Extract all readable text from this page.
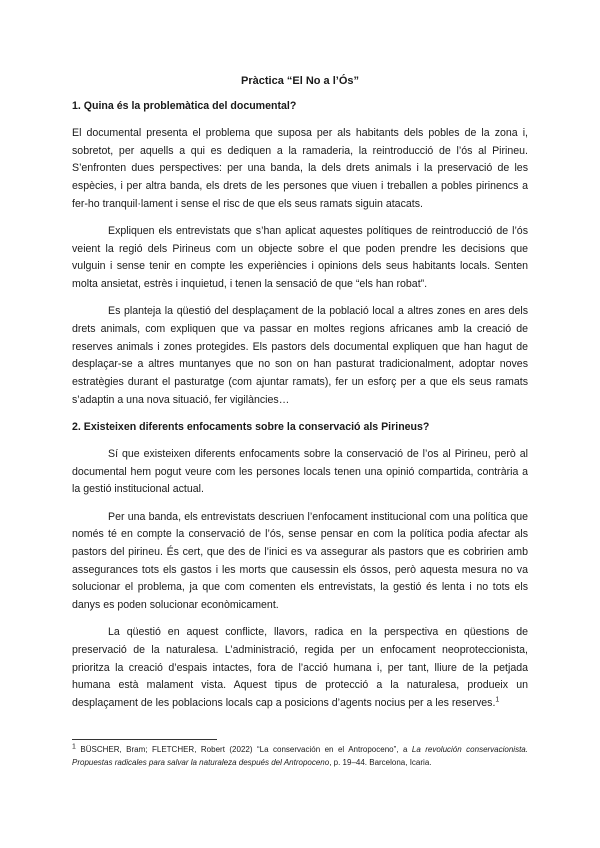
Pràctica “El No a l’Ós”
1. Quina és la problemàtica del documental?

El documental presenta el problema que suposa per als habitants dels pobles de la zona i, sobretot, per aquells a qui es dediquen a la ramaderia, la reintroducció de l’ós al Pirineu. S’enfronten dues perspectives: per una banda, la dels drets animals i la preservació de les espècies, i per altra banda, els drets de les persones que viuen i treballen a pobles pirinencs a fer-ho tranquil·lament i sense el risc de que els seus ramats siguin atacats.

Expliquen els entrevistats que s’han aplicat aquestes polítiques de reintroducció de l’ós veient la regió dels Pirineus com un objecte sobre el que poden prendre les decisions que vulguin i sense tenir en compte les experiències i opinions dels seus habitants locals. Senten molta ansietat, estrès i inquietud, i tenen la sensació de que “els han robat”.

Es planteja la qüestió del desplaçament de la població local a altres zones en ares dels drets animals, com expliquen que va passar en moltes regions africanes amb la creació de reserves animals i zones protegides. Els pastors dels documental expliquen que han hagut de desplaçar-se a altres muntanyes que no son on han pasturat tradicionalment, adoptar noves estratègies durant el pasturatge (com ajuntar ramats), fer un esforç per a que els seus ramats s’adaptin a una nova situació, fer vigilàncies…

2. Existeixen diferents enfocaments sobre la conservació als Pirineus?

Sí que existeixen diferents enfocaments sobre la conservació de l’os al Pirineu, però al documental hem pogut veure com les persones locals tenen una opinió compartida, contrària a la gestió institucional actual.

Per una banda, els entrevistats descriuen l’enfocament institucional com una política que només té en compte la conservació de l’ós, sense pensar en com la política podia afectar als pastors del pirineu. És cert, que des de l’inici es va assegurar als pastors que es cobririen amb assegurances tots els gastos i les morts que causessin els óssos, però aquesta mesura no va solucionar el problema, ja que com comenten els entrevistats, la gestió és lenta i no tots els danys es poden solucionar econòmicament.

La qüestió en aquest conflicte, llavors, radica en la perspectiva en qüestions de preservació de la naturalesa. L’administració, regida per un enfocament neoproteccionista, prioritza la creació d’espais intactes, fora de l’acció humana i, per tant, lliure de la petjada humana està malament vista. Aquest tipus de protecció a la naturalesa, produeix un desplaçament de les poblacions locals cap a posicions d’agents nocius per a les reserves.$^1$

$^1$ BÜSCHER, Bram; FLETCHER, Robert (2022) “La conservación en el Antropoceno”, a La revolución conservacionista. Propuestas radicales para salvar la naturaleza después del Antropoceno, p. 19–44. Barcelona, Icaria.
